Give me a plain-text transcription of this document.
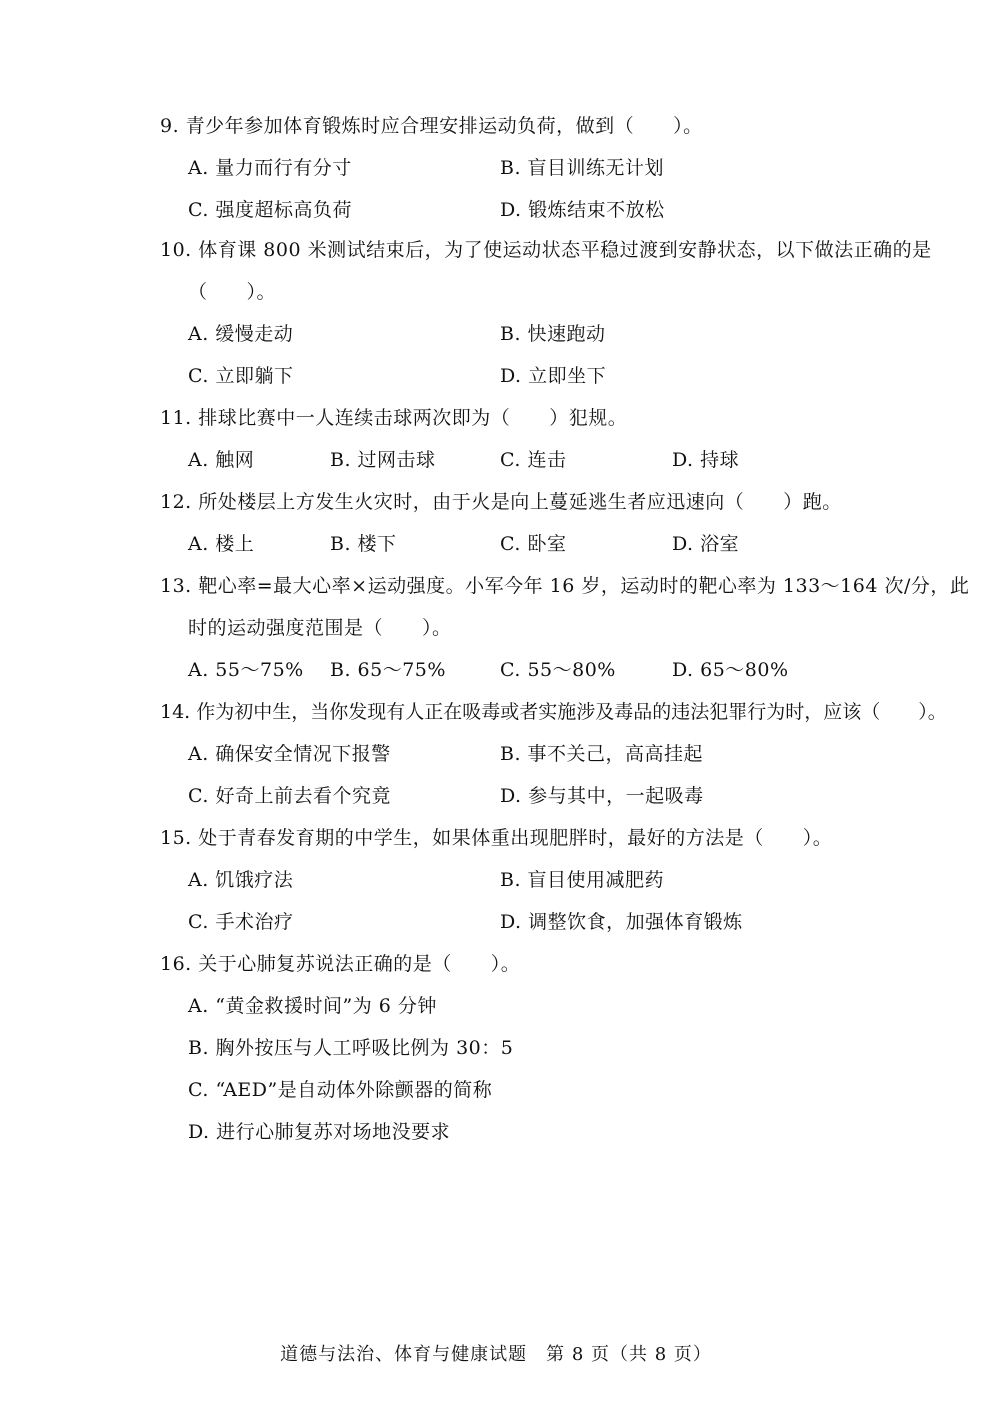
9. 青少年参加体育锻炼时应合理安排运动负荷，做到（　　）。
A. 量力而行有分寸	B. 盲目训练无计划
C. 强度超标高负荷	D. 锻炼结束不放松
10. 体育课 800 米测试结束后，为了使运动状态平稳过渡到安静状态，以下做法正确的是
（　　）。
A. 缓慢走动	B. 快速跑动
C. 立即躺下	D. 立即坐下
11. 排球比赛中一人连续击球两次即为（　　）犯规。
A. 触网	B. 过网击球	C. 连击	D. 持球
12. 所处楼层上方发生火灾时，由于火是向上蔓延逃生者应迅速向（　　）跑。
A. 楼上	B. 楼下	C. 卧室	D. 浴室
13. 靶心率=最大心率×运动强度。小军今年 16 岁，运动时的靶心率为 133～164 次/分，此
时的运动强度范围是（　　）。
A. 55～75% B. 65～75%	C. 55～80%	D. 65～80%
14. 作为初中生，当你发现有人正在吸毒或者实施涉及毒品的违法犯罪行为时，应该（　　）。
A. 确保安全情况下报警	B. 事不关己，高高挂起
C. 好奇上前去看个究竟	D. 参与其中，一起吸毒
15. 处于青春发育期的中学生，如果体重出现肥胖时，最好的方法是（　　）。
A. 饥饿疗法	B. 盲目使用减肥药
C. 手术治疗	D. 调整饮食，加强体育锻炼
16. 关于心肺复苏说法正确的是（　　）。
A. “黄金救援时间”为 6 分钟
B. 胸外按压与人工呼吸比例为 30：5
C. “AED”是自动体外除颤器的简称
D. 进行心肺复苏对场地没要求
道德与法治、体育与健康试题　第 8 页（共 8 页）
